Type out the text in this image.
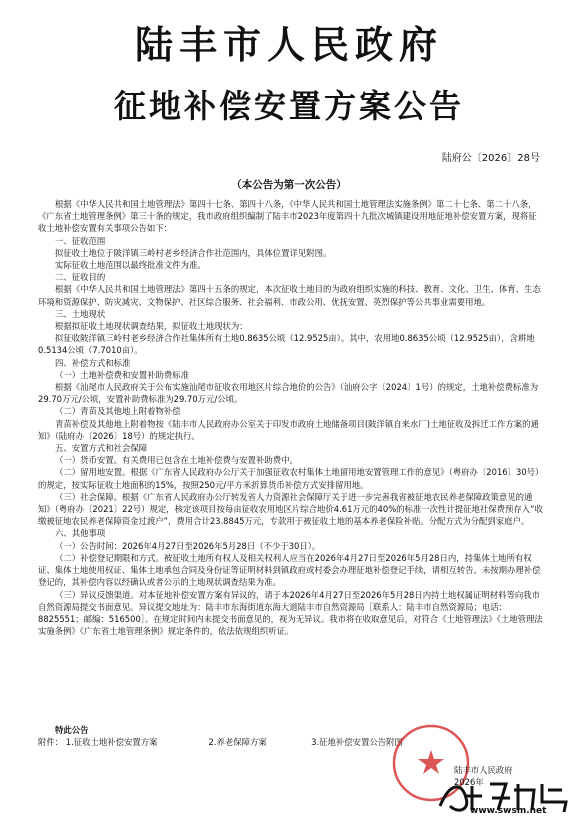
陆丰市人民政府
征地补偿安置方案公告
陆府公〔2026〕28号
（本公告为第一次公告）

根据《中华人民共和国土地管理法》第四十七条、第四十八条，《中华人民共和国土地管理法实施条例》第二十七条、第二十八条，《广东省土地管理条例》第三十条的规定，我市政府组织编制了陆丰市2023年度第四十九批次城镇建设用地征地补偿安置方案，现将征收土地补偿安置有关事项公告如下：

一、征收范围

拟征收土地位于陂洋镇三岭村老乡经济合作社范围内，具体位置详见附图。

实际征收土地范围以最终批准文件为准。

二、征收目的

根据《中华人民共和国土地管理法》第四十五条的规定，本次征收土地目的为政府组织实施的科技、教育、文化、卫生、体育、生态环境和资源保护、防灾减灾、文物保护、社区综合服务、社会福利、市政公用、优抚安置、英烈保护等公共事业需要用地。

三、土地现状

根据拟征收土地现状调查结果，拟征收土地现状为：

拟征收陂洋镇三岭村老乡经济合作社集体所有土地0.8635公顷（12.9525亩）。其中，农用地0.8635公顷（12.9525亩），含耕地0.5134公顷（7.7010亩）。

四、补偿方式和标准

（一）土地补偿费和安置补助费标准

根据《汕尾市人民政府关于公布实施汕尾市征收农用地区片综合地价的公告》（汕府公字〔2024〕1号）的规定，土地补偿费标准为29.70万元/公顷，安置补助费标准为29.70万元/公顷。

（二）青苗及其他地上附着物补偿

青苗补偿及其他地上附着物按《陆丰市人民政府办公室关于印发市政府土地储备项目(陂洋镇自来水厂)土地征收及拆迁工作方案的通知》（陆府办〔2026〕18号）的规定执行。

五、安置方式和社会保障

（一）货币安置。有关费用已包含在土地补偿费与安置补助费中。

（二）留用地安置。根据《广东省人民政府办公厅关于加强征收农村集体土地留用地安置管理工作的意见》（粤府办〔2016〕30号）的规定，按实际征收土地面积的15%，按照250元/平方米折算货币补偿方式安排留用地。

（三）社会保障。根据《广东省人民政府办公厅转发省人力资源社会保障厅关于进一步完善我省被征地农民养老保障政策意见的通知》（粤府办〔2021〕22号）规定，核定该项目按每亩征收农用地区片综合地价4.61万元的40%的标准一次性计提征地社保费预存入“收缴被征地农民养老保障资金过渡户”，费用合计23.8845万元，专款用于被征收土地的基本养老保险补贴。分配方式为分配到家庭户。

六、其他事项

（一）公告时间：2026年4月27日至2026年5月28日（不少于30日）。

（二）补偿登记期限和方式。被征收土地所有权人及相关权利人应当在2026年4月27日至2026年5月28日内，持集体土地所有权证、集体土地使用权证、集体土地承包合同及身份证等证明材料到镇政府或村委会办理征地补偿登记手续，请相互转告。未按期办理补偿登记的，其补偿内容以经确认或者公示的土地现状调查结果为准。

（三）异议反馈渠道。对本征地补偿安置方案有异议的，请于本2026年4月27日至2026年5月28日内持土地权属证明材料等向我市自然资源局提交书面意见。异议提交地址为：陆丰市东海街道东海大道陆丰市自然资源局［联系人：陆丰市自然资源局；电话：8825551；邮编：516500］。在规定时间内未提交书面意见的，视为无异议。我市将在收取意见后，对符合《土地管理法》《土地管理法实施条例》《广东省土地管理条例》规定条件的，依法依规组织听证。

特此公告
附件： 1.征收土地补偿安置方案	2.养老保障方案	3.征地补偿安置公告附图
陆丰市人民政府
2026年
www.swsm.net
